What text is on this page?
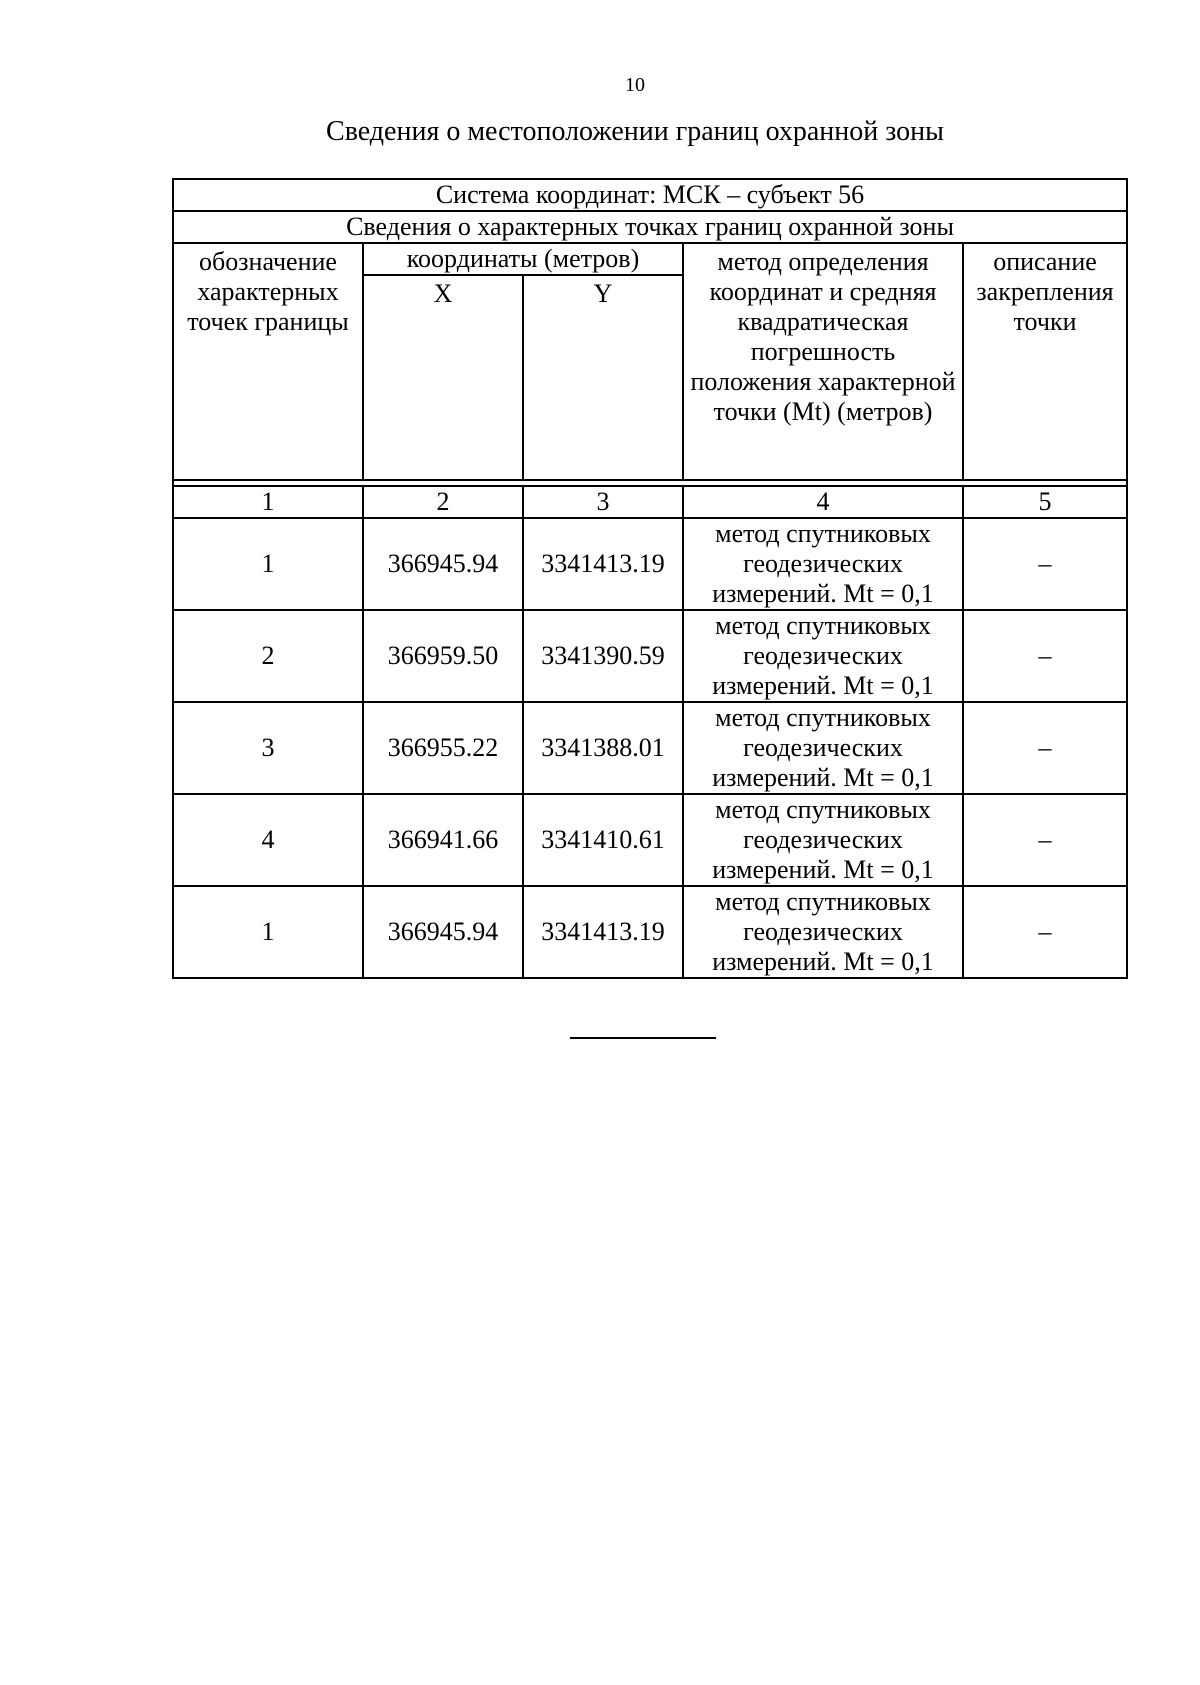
10
Сведения о местоположении границ охранной зоны
Система координат: МСК – субъект 56				
Сведения о характерных точках границ охранной зоны				
обозначение характерных точек границы	координаты (метров)		метод определения координат и средняя квадратическая погрешность положения характерной точки (Mt) (метров)	описание закрепления точки
	X	Y		

1	2	3	4	5
1	366945.94	3341413.19	метод спутниковых
геодезических
измерений. Mt = 0,1	–
2	366959.50	3341390.59	метод спутниковых
геодезических
измерений. Mt = 0,1	–
3	366955.22	3341388.01	метод спутниковых
геодезических
измерений. Mt = 0,1	–
4	366941.66	3341410.61	метод спутниковых
геодезических
измерений. Mt = 0,1	–
1	366945.94	3341413.19	метод спутниковых
геодезических
измерений. Mt = 0,1	–
